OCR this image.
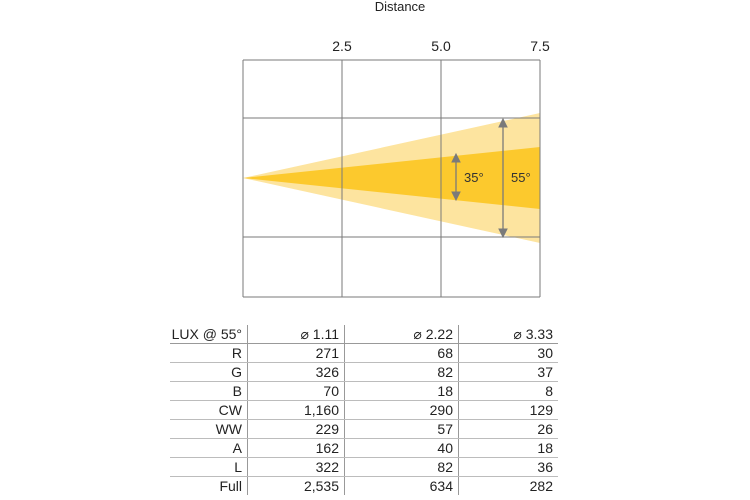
Distance
2.5	5.0	7.5
35° 55°
LUX @ 55°	⌀ 1.11	⌀ 2.22	⌀ 3.33
R	271	68	30
G	326	82	37
B	70	18	8
CW	1,160	290	129
WW	229	57	26
A	162	40	18
L	322	82	36
Full	2,535	634	282
